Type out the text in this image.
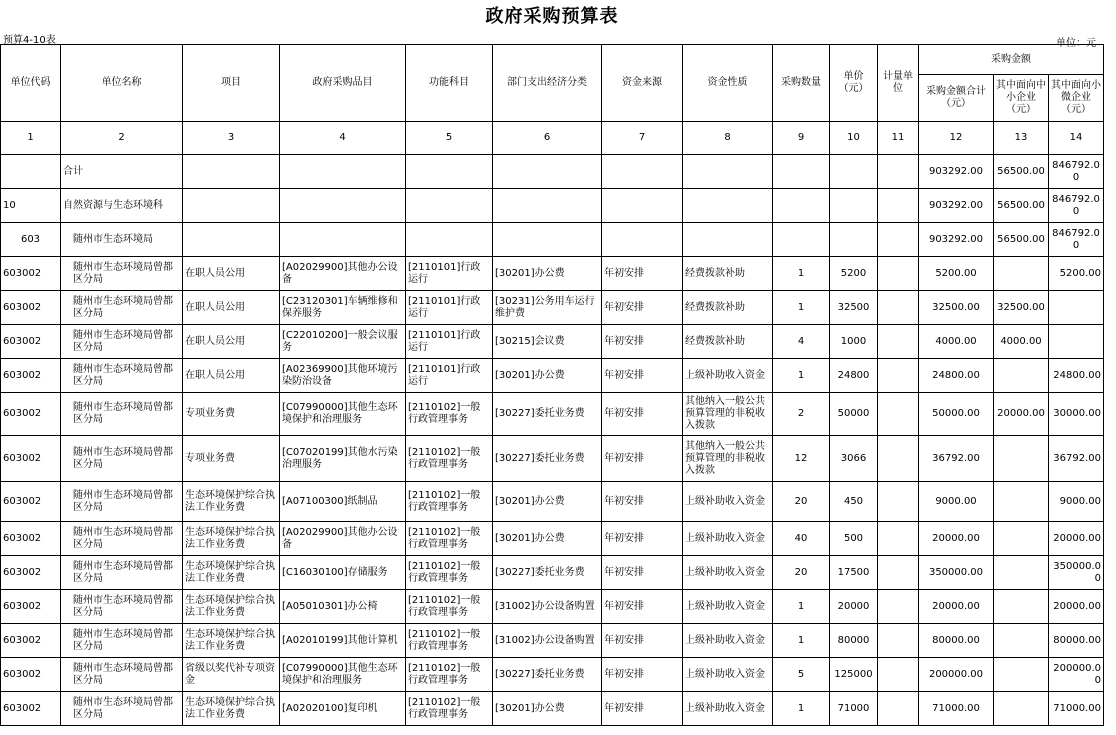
政府采购预算表
预算4-10表	单位：元
单位代码	单位名称	项目	政府采购品目	功能科目	部门支出经济分类	资金来源	资金性质	采购数量	单价（元）	计量单位	采购金额		
											采购金额合计（元）	其中面向中小企业（元）	其中面向小微企业（元）
1	2	3	4	5	6	7	8	9	10	11	12	13	14
	合计										903292.00	56500.00	846792.00
10	自然资源与生态环境科										903292.00	56500.00	846792.00
603	随州市生态环境局										903292.00	56500.00	846792.00
603002	随州市生态环境局曾都区分局	在职人员公用	[A02029900]其他办公设备	[2110101]行政运行	[30201]办公费	年初安排	经费拨款补助	1	5200		5200.00		5200.00
603002	随州市生态环境局曾都区分局	在职人员公用	[C23120301]车辆维修和保养服务	[2110101]行政运行	[30231]公务用车运行维护费	年初安排	经费拨款补助	1	32500		32500.00	32500.00	
603002	随州市生态环境局曾都区分局	在职人员公用	[C22010200]一般会议服务	[2110101]行政运行	[30215]会议费	年初安排	经费拨款补助	4	1000		4000.00	4000.00	
603002	随州市生态环境局曾都区分局	在职人员公用	[A02369900]其他环境污染防治设备	[2110101]行政运行	[30201]办公费	年初安排	上级补助收入资金	1	24800		24800.00		24800.00
603002	随州市生态环境局曾都区分局	专项业务费	[C07990000]其他生态环境保护和治理服务	[2110102]一般行政管理事务	[30227]委托业务费	年初安排	其他纳入一般公共预算管理的非税收入拨款	2	50000		50000.00	20000.00	30000.00
603002	随州市生态环境局曾都区分局	专项业务费	[C07020199]其他水污染治理服务	[2110102]一般行政管理事务	[30227]委托业务费	年初安排	其他纳入一般公共预算管理的非税收入拨款	12	3066		36792.00		36792.00
603002	随州市生态环境局曾都区分局	生态环境保护综合执法工作业务费	[A07100300]纸制品	[2110102]一般行政管理事务	[30201]办公费	年初安排	上级补助收入资金	20	450		9000.00		9000.00
603002	随州市生态环境局曾都区分局	生态环境保护综合执法工作业务费	[A02029900]其他办公设备	[2110102]一般行政管理事务	[30201]办公费	年初安排	上级补助收入资金	40	500		20000.00		20000.00
603002	随州市生态环境局曾都区分局	生态环境保护综合执法工作业务费	[C16030100]存储服务	[2110102]一般行政管理事务	[30227]委托业务费	年初安排	上级补助收入资金	20	17500		350000.00		350000.00
603002	随州市生态环境局曾都区分局	生态环境保护综合执法工作业务费	[A05010301]办公椅	[2110102]一般行政管理事务	[31002]办公设备购置	年初安排	上级补助收入资金	1	20000		20000.00		20000.00
603002	随州市生态环境局曾都区分局	生态环境保护综合执法工作业务费	[A02010199]其他计算机	[2110102]一般行政管理事务	[31002]办公设备购置	年初安排	上级补助收入资金	1	80000		80000.00		80000.00
603002	随州市生态环境局曾都区分局	省级以奖代补专项资金	[C07990000]其他生态环境保护和治理服务	[2110102]一般行政管理事务	[30227]委托业务费	年初安排	上级补助收入资金	5	125000		200000.00		200000.00
603002	随州市生态环境局曾都区分局	生态环境保护综合执法工作业务费	[A02020100]复印机	[2110102]一般行政管理事务	[30201]办公费	年初安排	上级补助收入资金	1	71000		71000.00		71000.00
